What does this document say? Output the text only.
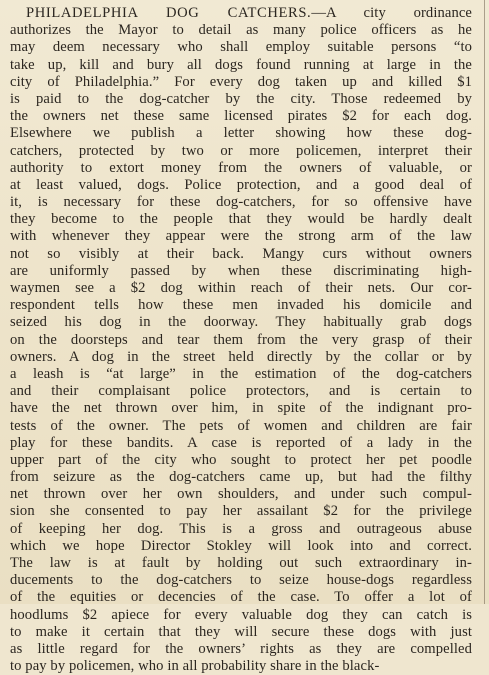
PHILADELPHIA DOG CATCHERS.—A city ordinance
authorizes the Mayor to detail as many police officers as he
may deem necessary who shall employ suitable persons “to
take up, kill and bury all dogs found running at large in the
city of Philadelphia.” For every dog taken up and killed $1
is paid to the dog-catcher by the city. Those redeemed by
the owners net these same licensed pirates $2 for each dog.
Elsewhere we publish a letter showing how these dog-
catchers, protected by two or more policemen, interpret their
authority to extort money from the owners of valuable, or
at least valued, dogs. Police protection, and a good deal of
it, is necessary for these dog-catchers, for so offensive have
they become to the people that they would be hardly dealt
with whenever they appear were the strong arm of the law
not so visibly at their back. Mangy curs without owners
are uniformly passed by when these discriminating high-
waymen see a $2 dog within reach of their nets. Our cor-
respondent tells how these men invaded his domicile and
seized his dog in the doorway. They habitually grab dogs
on the doorsteps and tear them from the very grasp of their
owners. A dog in the street held directly by the collar or by
a leash is “at large” in the estimation of the dog-catchers
and their complaisant police protectors, and is certain to
have the net thrown over him, in spite of the indignant pro-
tests of the owner. The pets of women and children are fair
play for these bandits. A case is reported of a lady in the
upper part of the city who sought to protect her pet poodle
from seizure as the dog-catchers came up, but had the filthy
net thrown over her own shoulders, and under such compul-
sion she consented to pay her assailant $2 for the privilege
of keeping her dog. This is a gross and outrageous abuse
which we hope Director Stokley will look into and correct.
The law is at fault by holding out such extraordinary in-
ducements to the dog-catchers to seize house-dogs regardless
of the equities or decencies of the case. To offer a lot of
hoodlums $2 apiece for every valuable dog they can catch is
to make it certain that they will secure these dogs with just
as little regard for the owners’ rights as they are compelled
to pay by policemen, who in all probability share in the black-
